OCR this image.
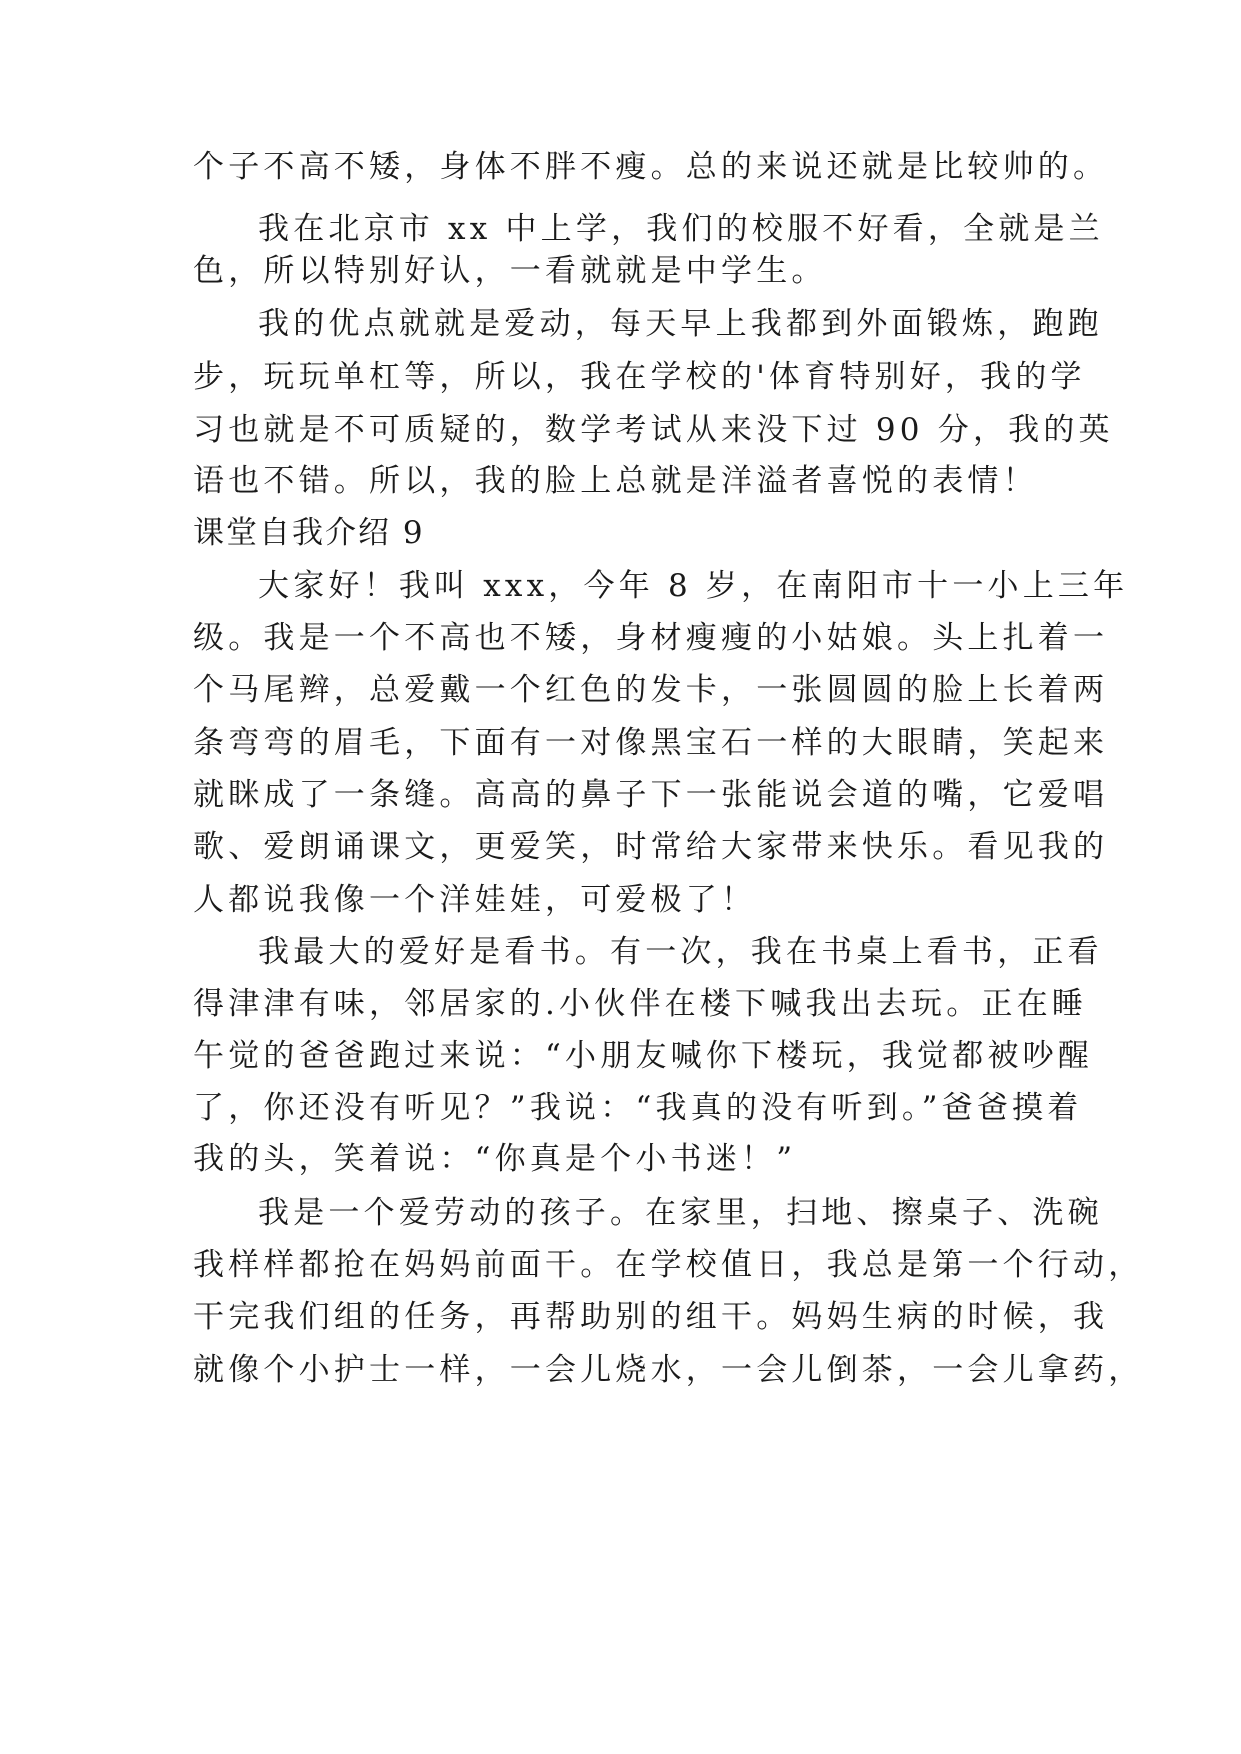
个子不高不矮，身体不胖不瘦。总的来说还就是比较帅的。
我在北京市 xx 中上学，我们的校服不好看，全就是兰
色，所以特别好认，一看就就是中学生。
我的优点就就是爱动，每天早上我都到外面锻炼，跑跑
步，玩玩单杠等，所以，我在学校的'体育特别好，我的学
习也就是不可质疑的，数学考试从来没下过 90 分，我的英
语也不错。所以，我的脸上总就是洋溢者喜悦的表情！
课堂自我介绍 9
大家好！我叫 xxx，今年 8 岁，在南阳市十一小上三年
级。我是一个不高也不矮，身材瘦瘦的小姑娘。头上扎着一
个马尾辫，总爱戴一个红色的发卡，一张圆圆的脸上长着两
条弯弯的眉毛，下面有一对像黑宝石一样的大眼睛，笑起来
就眯成了一条缝。高高的鼻子下一张能说会道的嘴，它爱唱
歌、爱朗诵课文，更爱笑，时常给大家带来快乐。看见我的
人都说我像一个洋娃娃，可爱极了！
我最大的爱好是看书。有一次，我在书桌上看书，正看
得津津有味，邻居家的.小伙伴在楼下喊我出去玩。正在睡
午觉的爸爸跑过来说：“小朋友喊你下楼玩，我觉都被吵醒
了，你还没有听见？”我说：“我真的没有听到。”爸爸摸着
我的头，笑着说：“你真是个小书迷！”
我是一个爱劳动的孩子。在家里，扫地、擦桌子、洗碗
我样样都抢在妈妈前面干。在学校值日，我总是第一个行动，
干完我们组的任务，再帮助别的组干。妈妈生病的时候，我
就像个小护士一样，一会儿烧水，一会儿倒茶，一会儿拿药，
